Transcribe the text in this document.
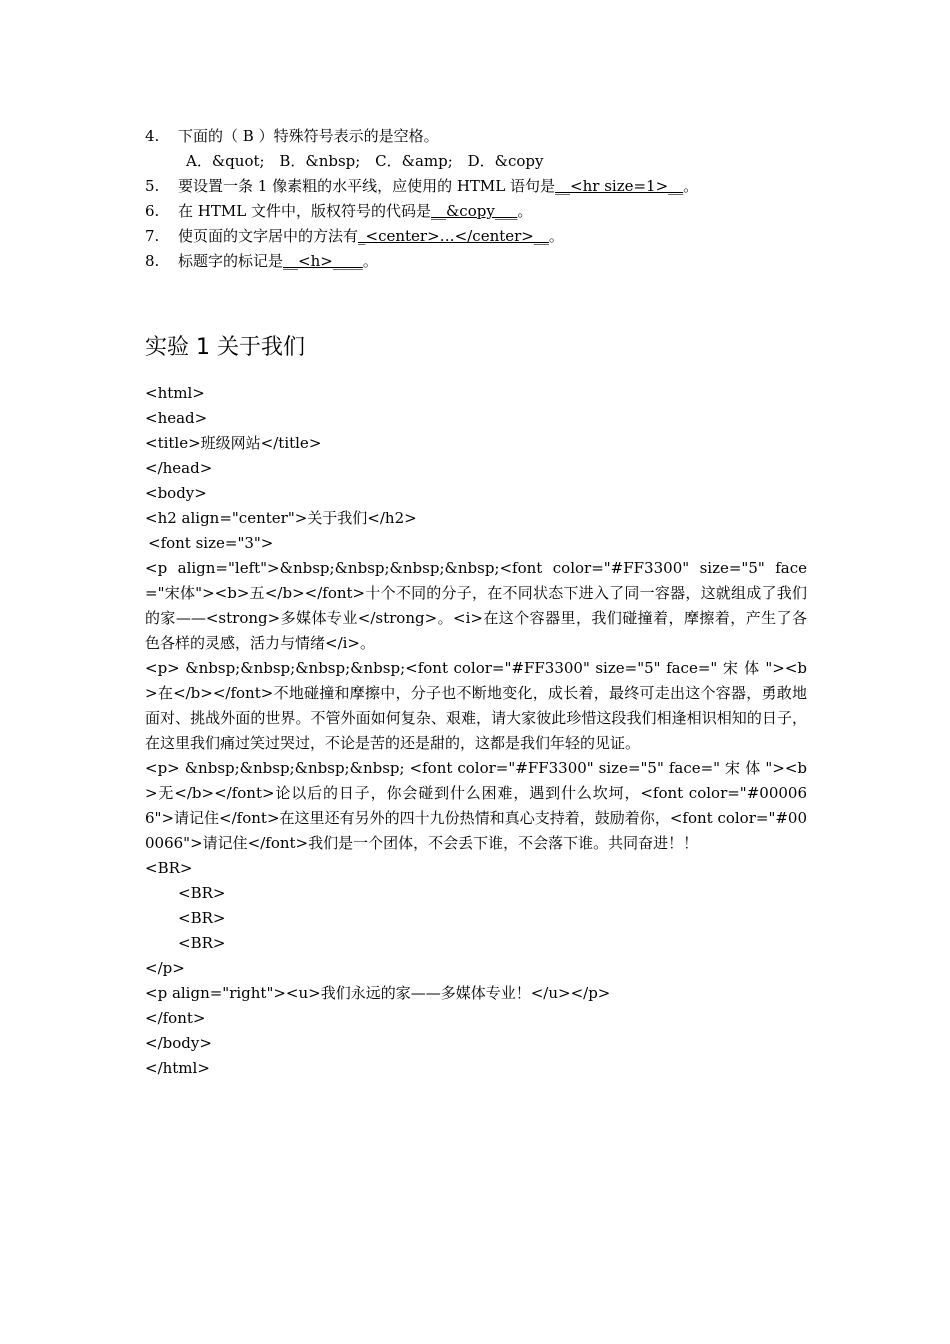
4. 下面的（ B ）特殊符号表示的是空格。
A．&quot; B．&nbsp; C．&amp; D．&copy
5. 要设置一条 1 像素粗的水平线，应使用的 HTML 语句是__<hr size=1>__。
6. 在 HTML 文件中，版权符号的代码是__&copy___。
7. 使页面的文字居中的方法有_<center>…</center>__。
8. 标题字的标记是__<h>____。
实验 1 关于我们
<html>
<head>
<title>班级网站</title>
</head>
<body>
<h2 align="center">关于我们</h2>
<font size="3">
<p align="left">&nbsp;&nbsp;&nbsp;&nbsp;<font color="#FF3300" size="5" face="宋体"><b>五</b></font>十个不同的分子，在不同状态下进入了同一容器，这就组成了我们的家——<strong>多媒体专业</strong>。<i>在这个容器里，我们碰撞着，摩擦着，产生了各色各样的灵感，活力与情绪</i>。
<p> &nbsp;&nbsp;&nbsp;&nbsp;<font color="#FF3300" size="5" face=" 宋 体 "><b>在</b></font>不地碰撞和摩擦中，分子也不断地变化，成长着，最终可走出这个容器，勇敢地面对、挑战外面的世界。不管外面如何复杂、艰难，请大家彼此珍惜这段我们相逢相识相知的日子，在这里我们痛过笑过哭过，不论是苦的还是甜的，这都是我们年轻的见证。
<p> &nbsp;&nbsp;&nbsp;&nbsp; <font color="#FF3300" size="5" face=" 宋 体 "><b>无</b></font>论以后的日子，你会碰到什么困难，遇到什么坎坷，<font color="#000066">请记住</font>在这里还有另外的四十九份热情和真心支持着，鼓励着你，<font color="#000066">请记住</font>我们是一个团体，不会丢下谁，不会落下谁。共同奋进！！
<BR>
<BR>
<BR>
<BR>
</p>
<p align="right"><u>我们永远的家——多媒体专业！</u></p>
</font>
</body>
</html>
